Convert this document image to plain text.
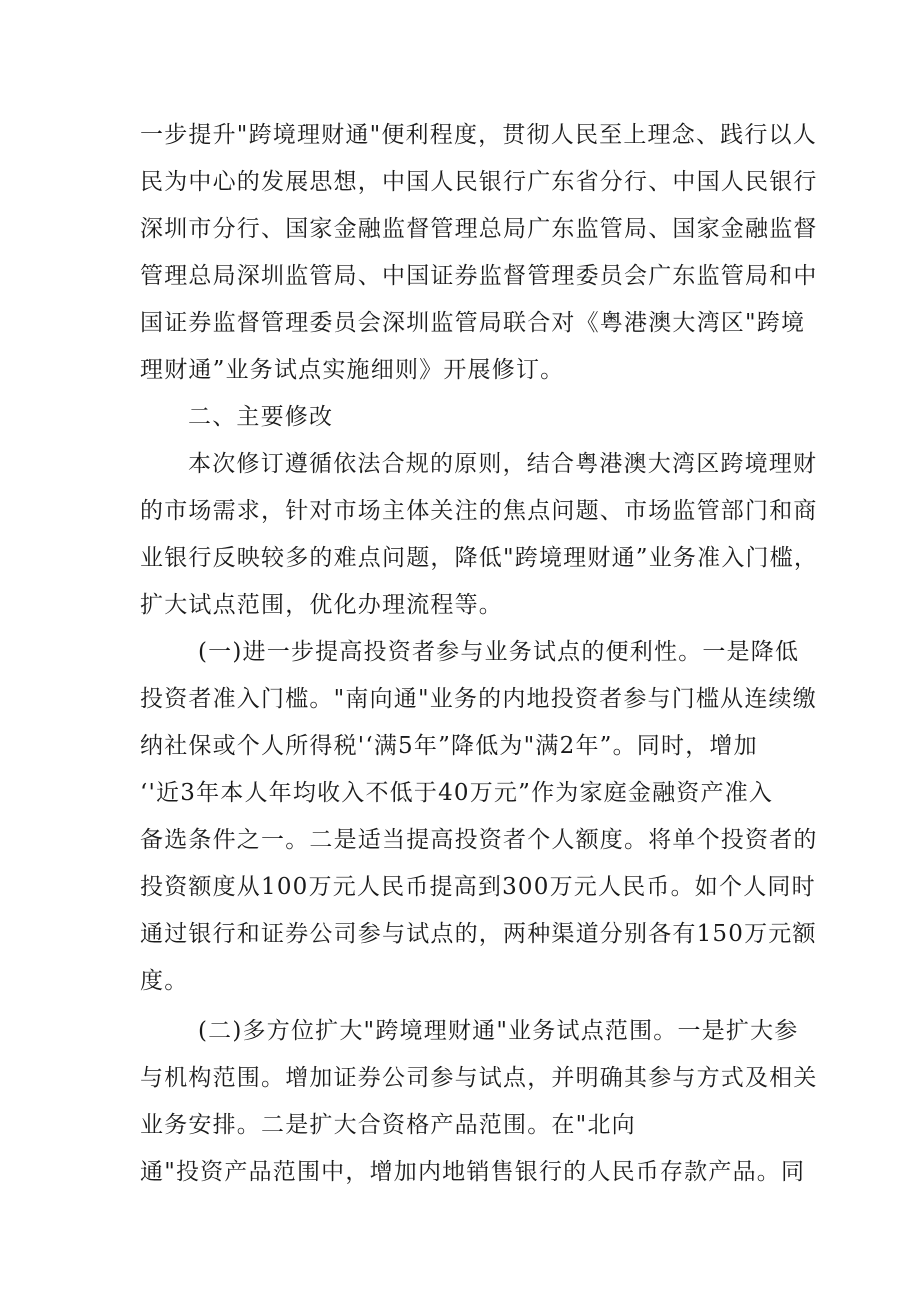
一步提升"跨境理财通"便利程度，贯彻人民至上理念、践行以人
民为中心的发展思想，中国人民银行广东省分行、中国人民银行
深圳市分行、国家金融监督管理总局广东监管局、国家金融监督
管理总局深圳监管局、中国证券监督管理委员会广东监管局和中
国证券监督管理委员会深圳监管局联合对《粤港澳大湾区"跨境
理财通”业务试点实施细则》开展修订。
二、主要修改
本次修订遵循依法合规的原则，结合粤港澳大湾区跨境理财
的市场需求，针对市场主体关注的焦点问题、市场监管部门和商
业银行反映较多的难点问题，降低"跨境理财通”业务准入门槛，
扩大试点范围，优化办理流程等。
(一)进一步提高投资者参与业务试点的便利性。一是降低
投资者准入门槛。"南向通"业务的内地投资者参与门槛从连续缴
纳社保或个人所得税'‘满5年”降低为"满2年”。同时，增加
‘'近3年本人年均收入不低于40万元”作为家庭金融资产准入
备选条件之一。二是适当提高投资者个人额度。将单个投资者的
投资额度从100万元人民币提高到300万元人民币。如个人同时
通过银行和证券公司参与试点的，两种渠道分别各有150万元额
度。
(二)多方位扩大"跨境理财通"业务试点范围。一是扩大参
与机构范围。增加证券公司参与试点，并明确其参与方式及相关
业务安排。二是扩大合资格产品范围。在"北向
通"投资产品范围中，增加内地销售银行的人民币存款产品。同
